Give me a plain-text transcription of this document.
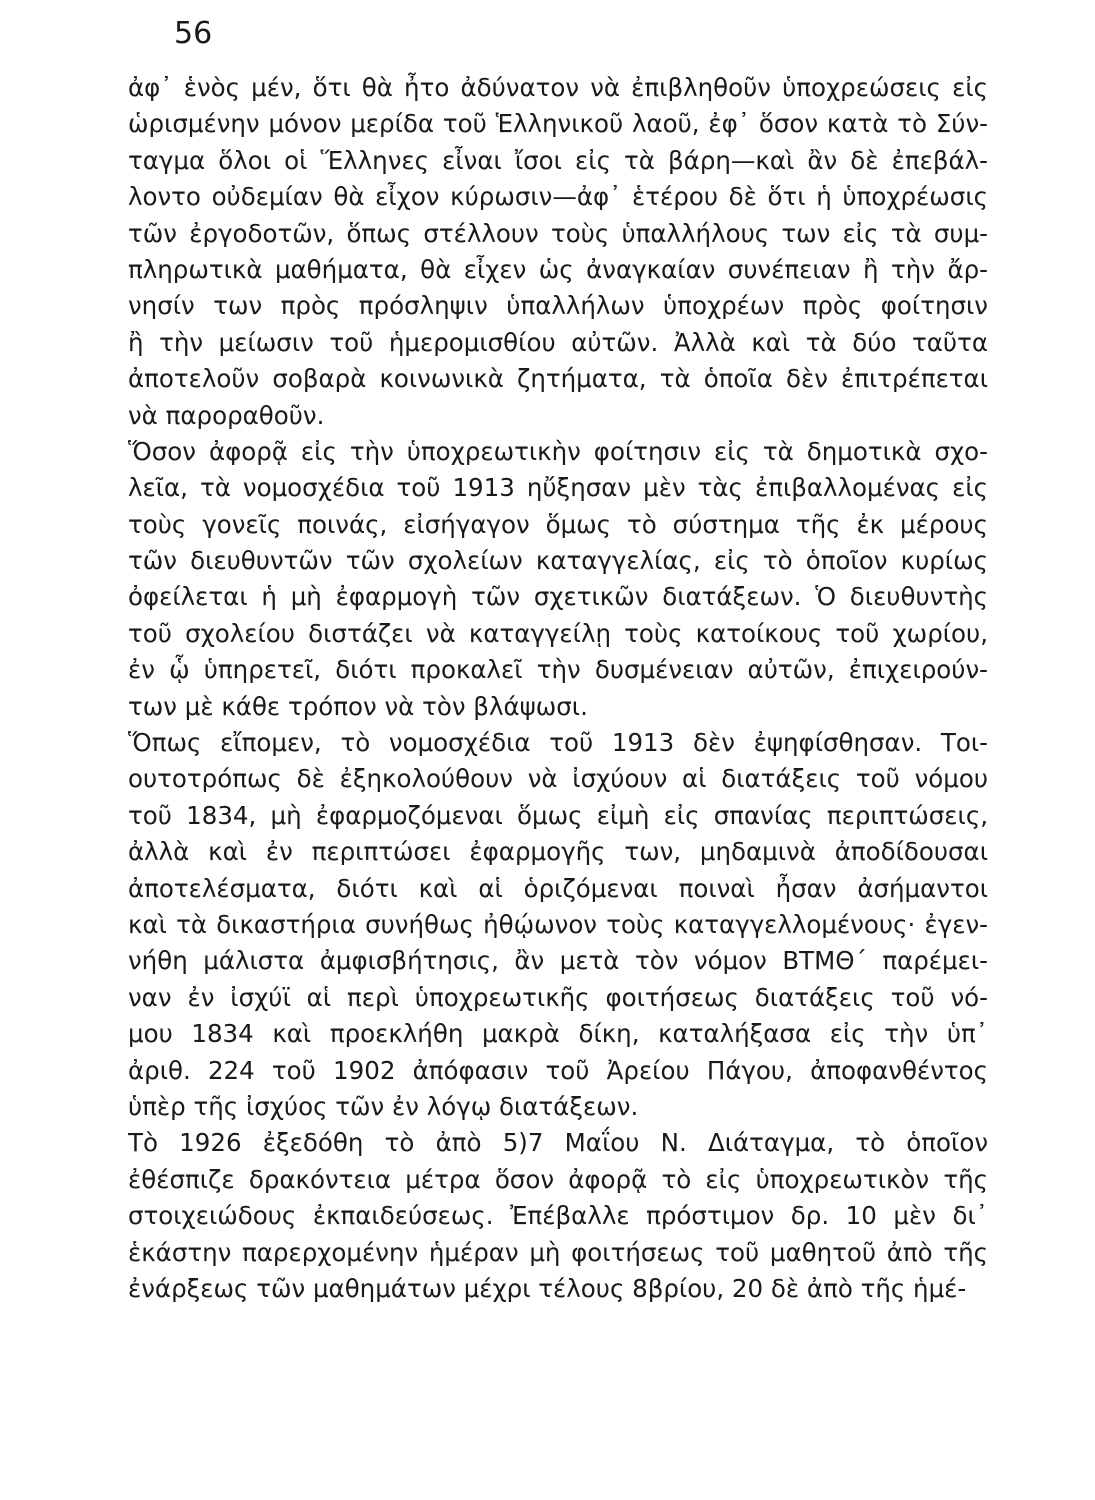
56
ἀφ᾽ ἑνὸς μέν, ὅτι θὰ ἦτο ἀδύνατον νὰ ἐπιβληθοῦν ὑποχρεώσεις εἰς
ὡρισμένην μόνον μερίδα τοῦ Ἑλληνικοῦ λαοῦ, ἐφ᾽ ὅσον κατὰ τὸ Σύν-
ταγμα ὅλοι οἱ Ἕλληνες εἶναι ἴσοι εἰς τὰ βάρη—καὶ ἂν δὲ ἐπεβάλ-
λοντο οὐδεμίαν θὰ εἶχον κύρωσιν—ἀφ᾽ ἑτέρου δὲ ὅτι ἡ ὑποχρέωσις
τῶν ἐργοδοτῶν, ὅπως στέλλουν τοὺς ὑπαλλήλους των εἰς τὰ συμ-
πληρωτικὰ μαθήματα, θὰ εἶχεν ὡς ἀναγκαίαν συνέπειαν ἢ τὴν ἄρ-
νησίν των πρὸς πρόσληψιν ὑπαλλήλων ὑποχρέων πρὸς φοίτησιν
ἢ τὴν μείωσιν τοῦ ἡμερομισθίου αὐτῶν. Ἀλλὰ καὶ τὰ δύο ταῦτα
ἀποτελοῦν σοβαρὰ κοινωνικὰ ζητήματα, τὰ ὁποῖα δὲν ἐπιτρέπεται
νὰ παροραθοῦν.
Ὅσον ἀφορᾷ εἰς τὴν ὑποχρεωτικὴν φοίτησιν εἰς τὰ δημοτικὰ σχο-
λεῖα, τὰ νομοσχέδια τοῦ 1913 ηὔξησαν μὲν τὰς ἐπιβαλλομένας εἰς
τοὺς γονεῖς ποινάς, εἰσήγαγον ὅμως τὸ σύστημα τῆς ἐκ μέρους
τῶν διευθυντῶν τῶν σχολείων καταγγελίας, εἰς τὸ ὁποῖον κυρίως
ὀφείλεται ἡ μὴ ἐφαρμογὴ τῶν σχετικῶν διατάξεων. Ὁ διευθυντὴς
τοῦ σχολείου διστάζει νὰ καταγγείλῃ τοὺς κατοίκους τοῦ χωρίου,
ἐν ᾧ ὑπηρετεῖ, διότι προκαλεῖ τὴν δυσμένειαν αὐτῶν, ἐπιχειρούν-
των μὲ κάθε τρόπον νὰ τὸν βλάψωσι.
Ὅπως εἴπομεν, τὸ νομοσχέδια τοῦ 1913 δὲν ἐψηφίσθησαν. Τοι-
ουτοτρόπως δὲ ἐξηκολούθουν νὰ ἰσχύουν αἱ διατάξεις τοῦ νόμου
τοῦ 1834, μὴ ἐφαρμοζόμεναι ὅμως εἰμὴ εἰς σπανίας περιπτώσεις,
ἀλλὰ καὶ ἐν περιπτώσει ἐφαρμογῆς των, μηδαμινὰ ἀποδίδουσαι
ἀποτελέσματα, διότι καὶ αἱ ὁριζόμεναι ποιναὶ ἦσαν ἀσήμαντοι
καὶ τὰ δικαστήρια συνήθως ἠθῴωνον τοὺς καταγγελλομένους· ἐγεν-
νήθη μάλιστα ἀμφισβήτησις, ἂν μετὰ τὸν νόμον ΒΤΜΘ΄ παρέμει-
ναν ἐν ἰσχύϊ αἱ περὶ ὑποχρεωτικῆς φοιτήσεως διατάξεις τοῦ νό-
μου 1834 καὶ προεκλήθη μακρὰ δίκη, καταλήξασα εἰς τὴν ὑπ᾽
ἀριθ. 224 τοῦ 1902 ἀπόφασιν τοῦ Ἀρείου Πάγου, ἀποφανθέντος
ὑπὲρ τῆς ἰσχύος τῶν ἐν λόγῳ διατάξεων.
Τὸ 1926 ἐξεδόθη τὸ ἀπὸ 5)7 Μαΐου Ν. Διάταγμα, τὸ ὁποῖον
ἐθέσπιζε δρακόντεια μέτρα ὅσον ἀφορᾷ τὸ εἰς ὑποχρεωτικὸν τῆς
στοιχειώδους ἐκπαιδεύσεως. Ἐπέβαλλε πρόστιμον δρ. 10 μὲν δι᾽
ἑκάστην παρερχομένην ἡμέραν μὴ φοιτήσεως τοῦ μαθητοῦ ἀπὸ τῆς
ἐνάρξεως τῶν μαθημάτων μέχρι τέλους 8βρίου, 20 δὲ ἀπὸ τῆς ἡμέ-
